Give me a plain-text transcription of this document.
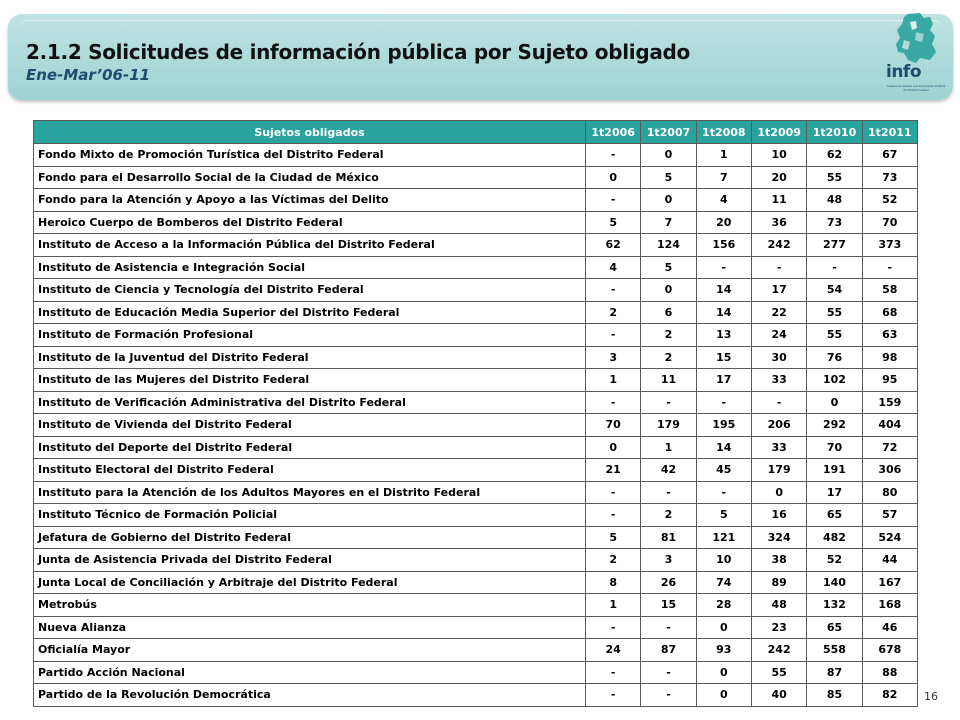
2.1.2 Solicitudes de información pública por Sujeto obligado
Ene-Mar’06-11	info
Instituto de Acceso a la Información Pública del Distrito Federal
Sujetos obligados	1t2006	1t2007	1t2008	1t2009	1t2010	1t2011
Fondo Mixto de Promoción Turística del Distrito Federal	-	0	1	10	62	67
Fondo para el Desarrollo Social de la Ciudad de México	0	5	7	20	55	73
Fondo para la Atención y Apoyo a las Víctimas del Delito	-	0	4	11	48	52
Heroico Cuerpo de Bomberos del Distrito Federal	5	7	20	36	73	70
Instituto de Acceso a la Información Pública del Distrito Federal	62	124	156	242	277	373
Instituto de Asistencia e Integración Social	4	5	-	-	-	-
Instituto de Ciencia y Tecnología del Distrito Federal	-	0	14	17	54	58
Instituto de Educación Media Superior del Distrito Federal	2	6	14	22	55	68
Instituto de Formación Profesional	-	2	13	24	55	63
Instituto de la Juventud del Distrito Federal	3	2	15	30	76	98
Instituto de las Mujeres del Distrito Federal	1	11	17	33	102	95
Instituto de Verificación Administrativa del Distrito Federal	-	-	-	-	0	159
Instituto de Vivienda del Distrito Federal	70	179	195	206	292	404
Instituto del Deporte del Distrito Federal	0	1	14	33	70	72
Instituto Electoral del Distrito Federal	21	42	45	179	191	306
Instituto para la Atención de los Adultos Mayores en el Distrito Federal	-	-	-	0	17	80
Instituto Técnico de Formación Policial	-	2	5	16	65	57
Jefatura de Gobierno del Distrito Federal	5	81	121	324	482	524
Junta de Asistencia Privada del Distrito Federal	2	3	10	38	52	44
Junta Local de Conciliación y Arbitraje del Distrito Federal	8	26	74	89	140	167
Metrobús	1	15	28	48	132	168
Nueva Alianza	-	-	0	23	65	46
Oficialía Mayor	24	87	93	242	558	678
Partido Acción Nacional	-	-	0	55	87	88
Partido de la Revolución Democrática	-	-	0	40	85	82 16
